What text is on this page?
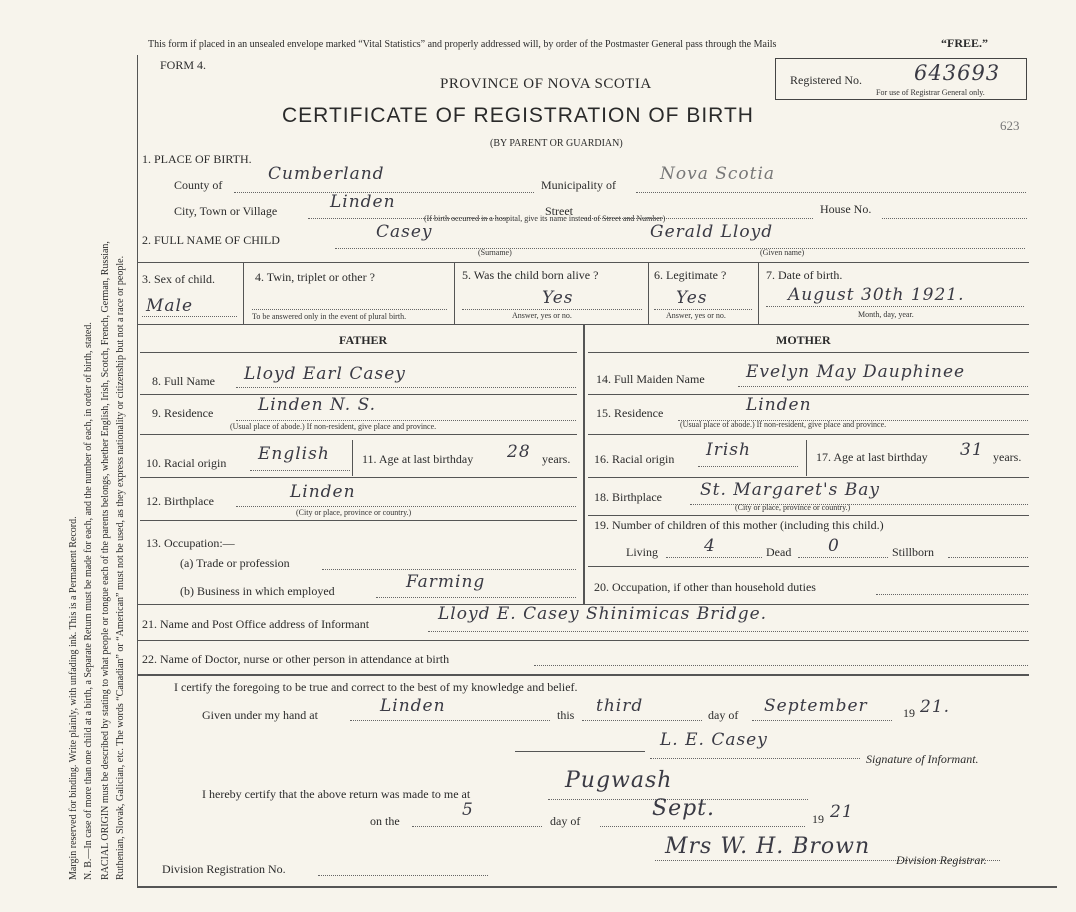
Margin reserved for binding. Write plainly, with unfading ink. This is a Permanent Record. N. B.—In case of more than one child at a birth, a Separate Return must be made for each, and the number of each, in order of birth, stated. RACIAL ORIGIN must be described by stating to what people or tongue each of the parents belongs, whether English, Irish, Scotch, French, German, Russian, Ruthenian, Slovak, Galician, etc. The words “Canadian” or “American” must not be used, as they express nationality or citizenship but not a race or people.
This form if placed in an unsealed envelope marked “Vital Statistics” and properly addressed will, by order of the Postmaster General pass through the Mails	“FREE.”
FORM 4.
PROVINCE OF NOVA SCOTIA
CERTIFICATE OF REGISTRATION OF BIRTH
(BY PARENT OR GUARDIAN)
Registered No. 643693
For use of Registrar General only.
623
1. PLACE OF BIRTH.
County of
Cumberland
Municipality of
Nova Scotia
City, Town or Village	Linden	Street	House No.
(If birth occurred in a hospital, give its name instead of Street and Number)
2. FULL NAME OF CHILD	Casey	Gerald Lloyd
(Surname)	(Given name)
3. Sex of child.
Male
4. Twin, triplet or other ?
To be answered only in the event of plural birth.
5. Was the child born alive ?
Yes
Answer, yes or no.
6. Legitimate ?
Yes
Answer, yes or no.
7. Date of birth.
August 30th 1921.
Month, day, year.
FATHER	MOTHER
8. Full Name Lloyd Earl Casey
9. Residence	Linden N. S.
(Usual place of abode.) If non-resident, give place and province.
10. Racial origin English	11. Age at last birthday 28 years.
12. Birthplace	Linden
(City or place, province or country.)
13. Occupation:—
(a) Trade or profession
(b) Business in which employed	Farming
14. Full Maiden Name Evelyn May Dauphinee
15. Residence	Linden
(Usual place of abode.) If non-resident, give place and province.
16. Racial origin Irish	17. Age at last birthday 31 years.
18. Birthplace St. Margaret's Bay
(City or place, province or country.)
19. Number of children of this mother (including this child.)
Living	4	Dead 0	Stillborn
20. Occupation, if other than household duties
21. Name and Post Office address of Informant	Lloyd E. Casey Shinimicas Bridge.
22. Name of Doctor, nurse or other person in attendance at birth
I certify the foregoing to be true and correct to the best of my knowledge and belief.
Given under my hand at	Linden	this third	day of September	19 21.
L. E. Casey
Signature of Informant.
I hereby certify that the above return was made to me at
Pugwash
on the
5
day of	Sept.	19 21
Mrs W. H. Brown
Division Registrar.
Division Registration No.
